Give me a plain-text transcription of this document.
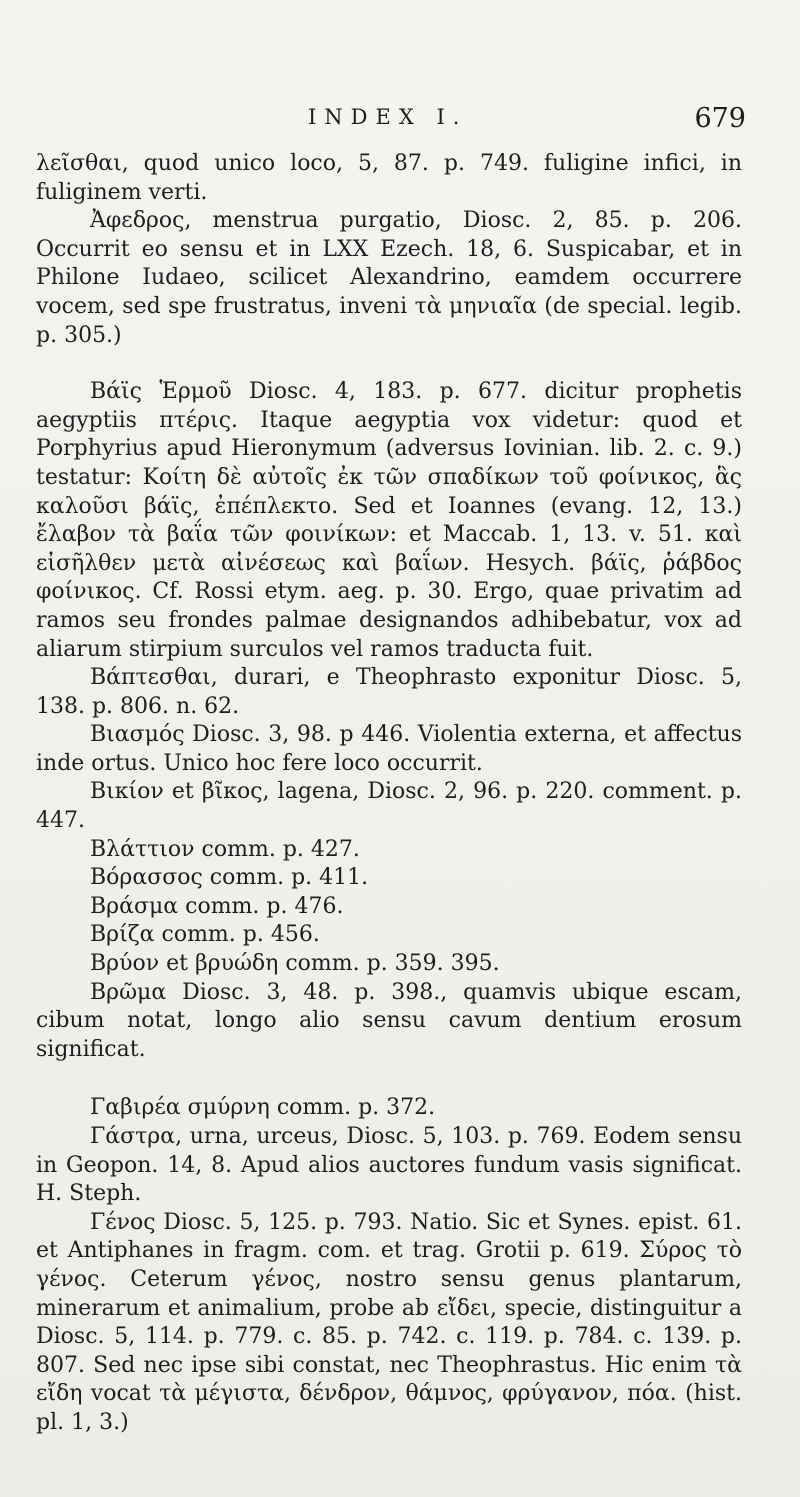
INDEX I.	679

λεῖσθαι, quod unico loco, 5, 87. p. 749. fuligine infici, in fuliginem verti.

Ἀφεδρος, menstrua purgatio, Diosc. 2, 85. p. 206. Occurrit eo sensu et in LXX Ezech. 18, 6. Suspicabar, et in Philone Iudaeo, scilicet Alexandrino, eamdem occurrere vocem, sed spe frustratus, inveni τὰ μηνιαῖα (de special. legib. p. 305.)

Βάϊς Ἑρμοῦ Diosc. 4, 183. p. 677. dicitur prophetis aegyptiis πτέρις. Itaque aegyptia vox videtur: quod et Porphyrius apud Hieronymum (adversus Iovinian. lib. 2. c. 9.) testatur: Κοίτη δὲ αὐτοῖς ἐκ τῶν σπαδίκων τοῦ φοίνικος, ἃς καλοῦσι βάϊς, ἐπέπλεκτο. Sed et Ioannes (evang. 12, 13.) ἔλαβον τὰ βαΐα τῶν φοινίκων: et Maccab. 1, 13. v. 51. καὶ εἰσῆλθεν μετὰ αἰνέσεως καὶ βαΐων. Hesych. βάϊς, ῥάβδος φοίνικος. Cf. Rossi etym. aeg. p. 30. Ergo, quae privatim ad ramos seu frondes palmae designandos adhibebatur, vox ad aliarum stirpium surculos vel ramos traducta fuit.

Βάπτεσθαι, durari, e Theophrasto exponitur Diosc. 5, 138. p. 806. n. 62.

Βιασμός Diosc. 3, 98. p 446. Violentia externa, et affectus inde ortus. Unico hoc fere loco occurrit.

Βικίον et βῖκος, lagena, Diosc. 2, 96. p. 220. comment. p. 447.

Βλάττιον comm. p. 427.

Βόρασσος comm. p. 411.

Βράσμα comm. p. 476.

Βρίζα comm. p. 456.

Βρύον et βρυώδη comm. p. 359. 395.

Βρῶμα Diosc. 3, 48. p. 398., quamvis ubique escam, cibum notat, longo alio sensu cavum dentium erosum significat.

Γαβιρέα σμύρνη comm. p. 372.

Γάστρα, urna, urceus, Diosc. 5, 103. p. 769. Eodem sensu in Geopon. 14, 8. Apud alios auctores fundum vasis significat. H. Steph.

Γένος Diosc. 5, 125. p. 793. Natio. Sic et Synes. epist. 61. et Antiphanes in fragm. com. et trag. Grotii p. 619. Σύρος τὸ γένος. Ceterum γένος, nostro sensu genus plantarum, minerarum et animalium, probe ab εἴδει, specie, distinguitur a Diosc. 5, 114. p. 779. c. 85. p. 742. c. 119. p. 784. c. 139. p. 807. Sed nec ipse sibi constat, nec Theophrastus. Hic enim τὰ εἴδη vocat τὰ μέγιστα, δένδρον, θάμνος, φρύγανον, πόα. (hist. pl. 1, 3.)
